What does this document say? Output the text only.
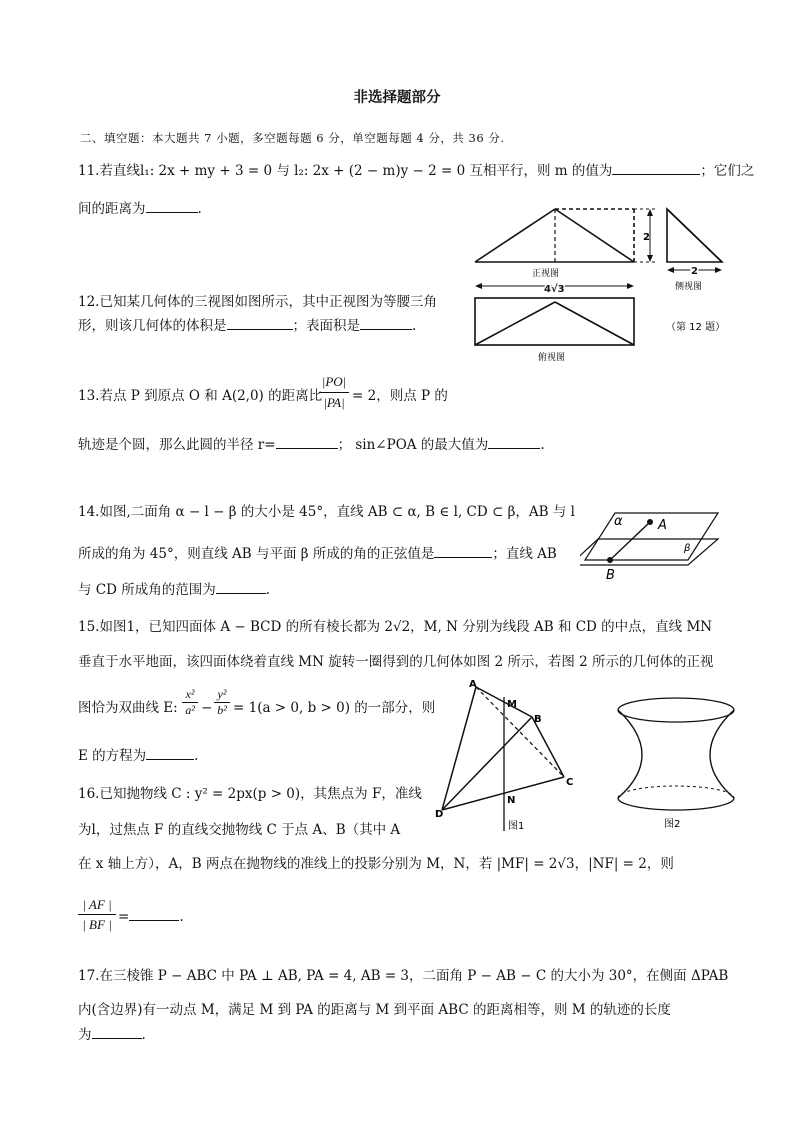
非选择题部分
二、填空题：本大题共 7 小题，多空题每题 6 分，单空题每题 4 分，共 36 分.
11.若直线l₁: 2x + my + 3 = 0 与 l₂: 2x + (2 − m)y − 2 = 0 互相平行，则 m 的值为	；它们之
间的距离为	.
2
正视图
4√3
2
侧视图
俯视图
（第 12 题）
12.已知某几何体的三视图如图所示，其中正视图为等腰三角
形，则该几何体的体积是	；表面积是	.
13.若点 P 到原点 O 和 A(2,0) 的距离比
$\frac{|PO|}{|PA|} = 2$，则点 P 的
轨迹是个圆，那么此圆的半径 r=	； sin∠POA 的最大值为	.
α	A
B
β
14.如图,二面角 α − l − β 的大小是 45°，直线 AB ⊂ α, B ∈ l, CD ⊂ β，AB 与 l
所成的角为 45°，则直线 AB 与平面 β 所成的角的正弦值是	；直线 AB
与 CD 所成角的范围为	.
15.如图1，已知四面体 A − BCD 的所有棱长都为 2√2，M, N 分别为线段 AB 和 CD 的中点，直线 MN
垂直于水平地面，该四面体绕着直线 MN 旋转一圈得到的几何体如图 2 所示，若图 2 所示的几何体的正视
图恰为双曲线 E: $\frac{\text{x²}}{\text{a²}} - \frac{\text{y²}}{\text{b²}} = 1(a > 0$, b > 0) 的一部分，则
E 的方程为	.
A
M
B
C
D
N
图1	图2
16.已知抛物线 C : y² = 2px(p > 0)，其焦点为 F，准线
为l，过焦点 F 的直线交抛物线 C 于点 A、B（其中 A
在 x 轴上方），A，B 两点在抛物线的准线上的投影分别为 M，N，若 |MF| = 2√3，|NF| = 2，则
$\frac{| AF |}{| BF |}$ =	.
17.在三棱锥 P − ABC 中 PA ⊥ AB, PA = 4, AB = 3，二面角 P − AB − C 的大小为 30°，在侧面 ΔPAB
内(含边界)有一动点 M，满足 M 到 PA 的距离与 M 到平面 ABC 的距离相等，则 M 的轨迹的长度
为	.
